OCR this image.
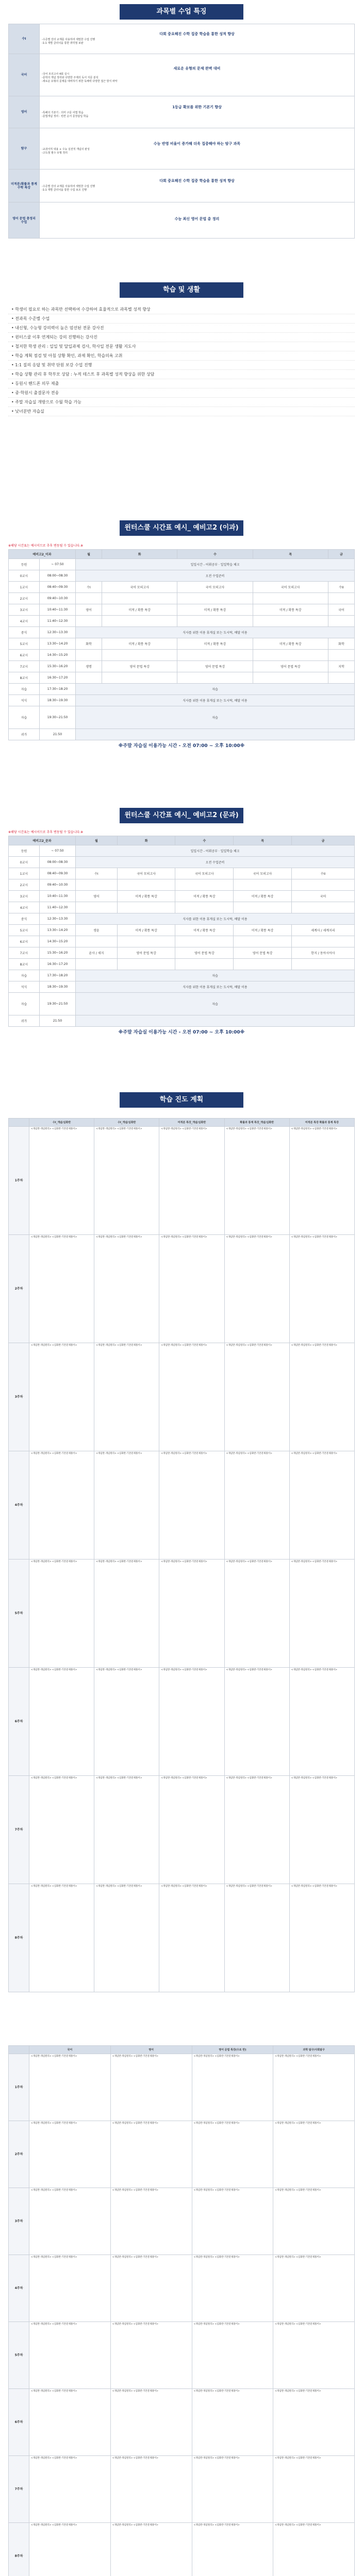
과목별 수업 특징
수I	다회 중요해진 수학 집중 학습을 통한 성적 향상
-수준별 강의 교재를 사용하여 세밀한 수업 진행
-1:1 개별 클리닉을 통한 취약점 보완

국어	새로운 유형의 문제 완벽 대비
-국어 모의고사 4회 실시
-문학의 개념 정리와 다양한 주제의 독서 지문 분석
-새로운 유형의 문제를 대비하기 위한 독해력 다양한 접근 방식 파악

영어	1등급 확보를 위한 기본기 향상
-특해의 기본기 : 의미 구문 어법 학습
-문법개념 정리 : 빈칸 순서 문장삽입 학습

탐구	수능 반영 비율이 증가해 더욱 집중해야 하는 탐구 과목
-교과서적 내용 + 수능 실전적 개념의 완성
-고득점 필수 유형 정리

미적분/확률과 통계 수학 특강	다회 중요해진 수학 집중 학습을 통한 성적 향상
-수준별 강의 교재를 사용하여 세밀한 수업 진행
-1:1 개별 클리닉을 통한 수업 보조 진행

영어 문법 총정리 수업	수능 최신 영어 문법 총 정리
학습 및 생활
• 학생이 필요로 하는 과목만 선택하여 수강하여 효율적으로 과목별 성적 향상
• 전과목 수준별 수업
• 내신형, 수능형 강의력이 높은 엄선된 전문 강사진
• 윈터스쿨 이후 연계되는 강의 진행하는 강사진
• 철저한 학생 관리 : 일일 및 달입과제 검사, 학사일 전문 생활 지도사
• 학습 계획 점검 및 아침 상황 확인, 과제 확인, 학습의욕 고취
• 1:1 질의 응답 및 취약 단원 보강 수업 진행
• 학습 상황 관리 후 학부모 상담 : 누적 테스트 후 과목별 성적 향상을 위한 상담
• 등원시 핸드폰 의무 제출
• 중·학원시 출결문자 전송
• 주말 자습실 개방으로 수월 학습 가능
• 낮녀분반 자습실
윈터스쿨 시간표 예시_ 예비고2 (이과)
※해당 시간표는 예시이므로 추후 변동될 수 있습니다.※
예비고2_이과		월	화	수	목	금
등원	~ 07:50	일일시간 - 어휘공부 · 일일학습 체크				
0교시	08:00~08:30	오전 수업준비				
1교시	08:40~09:30	수I	국어 모의고사	국어 모의고사	국어 모의고사	수II
2교시	09:40~10:30					
3교시	10:40~11:30	영어	미적 / 확통 특강	미적 / 확통 특강	미적 / 확통 특강	국어
4교시	11:40~12:30					
중식	12:30~13:30	식사를 위한 이용 휴게실 또는 도시락, 배달 이용				
5교시	13:30~14:20	화학	미적 / 확통 특강	미적 / 확통 특강	미적 / 확통 특강	화학
6교시	14:30~15:20					
7교시	15:30~16:20	생명	영어 문법 특강	영어 문법 특강	영어 문법 특강	지학
8교시	16:30~17:20					
자습	17:30~18:20	자습				
석식	18:30~19:30	식사를 위한 이용 휴게실 또는 도시락, 배달 이용				
자습	19:30~21:50	자습				
귀가	21:50					
※주말 자습실 이용가능 시간 - 오전 07:00 ~ 오후 10:00※
윈터스쿨 시간표 예시_ 예비고2 (문과)
※해당 시간표는 예시이므로 추후 변동될 수 있습니다.※
예비고2_문과		월	화	수	목	금
등원	~ 07:50	일일시간 - 어휘공부 · 일일학습 체크				
0교시	08:00~08:30	오전 수업준비				
1교시	08:40~09:30	수I	국어 모의고사	국어 모의고사	국어 모의고사	수II
2교시	09:40~10:30					
3교시	10:40~11:30	영어	미적 / 확통 특강	미적 / 확통 특강	미적 / 확통 특강	국어
4교시	11:40~12:30					
중식	12:30~13:30	식사를 위한 이용 휴게실 또는 도시락, 배달 이용				
5교시	13:30~14:20	생윤	미적 / 확통 특강	미적 / 확통 특강	미적 / 확통 특강	세계사 / 세계지리
6교시	14:30~15:20					
7교시	15:30~16:20	윤사 / 세지	영어 문법 특강	영어 문법 특강	영어 문법 특강	한지 / 동아시아사
8교시	16:30~17:20					
자습	17:30~18:20	자습				
석식	18:30~19:30	식사를 위한 이용 휴게실 또는 도시락, 배달 이용				
자습	19:30~21:50	자습				
귀가	21:50					
※주말 자습실 이용가능 시간 - 오전 07:00 ~ 오후 10:00※
학습 진도 계획
	수I_개념/심화반	수I_개념/심화반	미적분 특강_개념/심화반	확률과 통계 특강_개념/심화반	미적분 특강 확률과 통계 특강
1주차	<개념반-개념원리> <심화반-기본문제풀이>	<개념반-개념원리> <심화반-기본문제풀이>	<개념반-개념원리> <심화반-기본문제풀이>	<개념반-개념원리> <심화반-기본문제풀이>	<개념반-개념원리> <심화반-기본문제풀이>
2주차	<개념반-개념원리> <심화반-기본문제풀이>	<개념반-개념원리> <심화반-기본문제풀이>	<개념반-개념원리> <심화반-기본문제풀이>	<개념반-개념원리> <심화반-기본문제풀이>	<개념반-개념원리> <심화반-기본문제풀이>
3주차	<개념반-개념원리> <심화반-기본문제풀이>	<개념반-개념원리> <심화반-기본문제풀이>	<개념반-개념원리> <심화반-기본문제풀이>	<개념반-개념원리> <심화반-기본문제풀이>	<개념반-개념원리> <심화반-기본문제풀이>
4주차	<개념반-개념원리> <심화반-기본문제풀이>	<개념반-개념원리> <심화반-기본문제풀이>	<개념반-개념원리> <심화반-기본문제풀이>	<개념반-개념원리> <심화반-기본문제풀이>	<개념반-개념원리> <심화반-기본문제풀이>
5주차	<개념반-개념원리> <심화반-기본문제풀이>	<개념반-개념원리> <심화반-기본문제풀이>	<개념반-개념원리> <심화반-기본문제풀이>	<개념반-개념원리> <심화반-기본문제풀이>	<개념반-개념원리> <심화반-기본문제풀이>
6주차	<개념반-개념원리> <심화반-기본문제풀이>	<개념반-개념원리> <심화반-기본문제풀이>	<개념반-개념원리> <심화반-기본문제풀이>	<개념반-개념원리> <심화반-기본문제풀이>	<개념반-개념원리> <심화반-기본문제풀이>
7주차	<개념반-개념원리> <심화반-기본문제풀이>	<개념반-개념원리> <심화반-기본문제풀이>	<개념반-개념원리> <심화반-기본문제풀이>	<개념반-개념원리> <심화반-기본문제풀이>	<개념반-개념원리> <심화반-기본문제풀이>
8주차	<개념반-개념원리> <심화반-기본문제풀이>	<개념반-개념원리> <심화반-기본문제풀이>	<개념반-개념원리> <심화반-기본문제풀이>	<개념반-개념원리> <심화반-기본문제풀이>	<개념반-개념원리> <심화반-기본문제풀이>
	국어	영어	영어 문법 특강(수요 반)	과학 탐구/사회탐구
1주차	<개념반-개념원리> <심화반-기본문제풀이>	<개념반-개념원리> <심화반-기본문제풀이>	<개념반-개념원리> <심화반-기본문제풀이>	<개념반-개념원리> <심화반-기본문제풀이>
2주차	<개념반-개념원리> <심화반-기본문제풀이>	<개념반-개념원리> <심화반-기본문제풀이>	<개념반-개념원리> <심화반-기본문제풀이>	<개념반-개념원리> <심화반-기본문제풀이>
3주차	<개념반-개념원리> <심화반-기본문제풀이>	<개념반-개념원리> <심화반-기본문제풀이>	<개념반-개념원리> <심화반-기본문제풀이>	<개념반-개념원리> <심화반-기본문제풀이>
4주차	<개념반-개념원리> <심화반-기본문제풀이>	<개념반-개념원리> <심화반-기본문제풀이>	<개념반-개념원리> <심화반-기본문제풀이>	<개념반-개념원리> <심화반-기본문제풀이>
5주차	<개념반-개념원리> <심화반-기본문제풀이>	<개념반-개념원리> <심화반-기본문제풀이>	<개념반-개념원리> <심화반-기본문제풀이>	<개념반-개념원리> <심화반-기본문제풀이>
6주차	<개념반-개념원리> <심화반-기본문제풀이>	<개념반-개념원리> <심화반-기본문제풀이>	<개념반-개념원리> <심화반-기본문제풀이>	<개념반-개념원리> <심화반-기본문제풀이>
7주차	<개념반-개념원리> <심화반-기본문제풀이>	<개념반-개념원리> <심화반-기본문제풀이>	<개념반-개념원리> <심화반-기본문제풀이>	<개념반-개념원리> <심화반-기본문제풀이>
8주차	<개념반-개념원리> <심화반-기본문제풀이>	<개념반-개념원리> <심화반-기본문제풀이>	<개념반-개념원리> <심화반-기본문제풀이>	<개념반-개념원리> <심화반-기본문제풀이>
